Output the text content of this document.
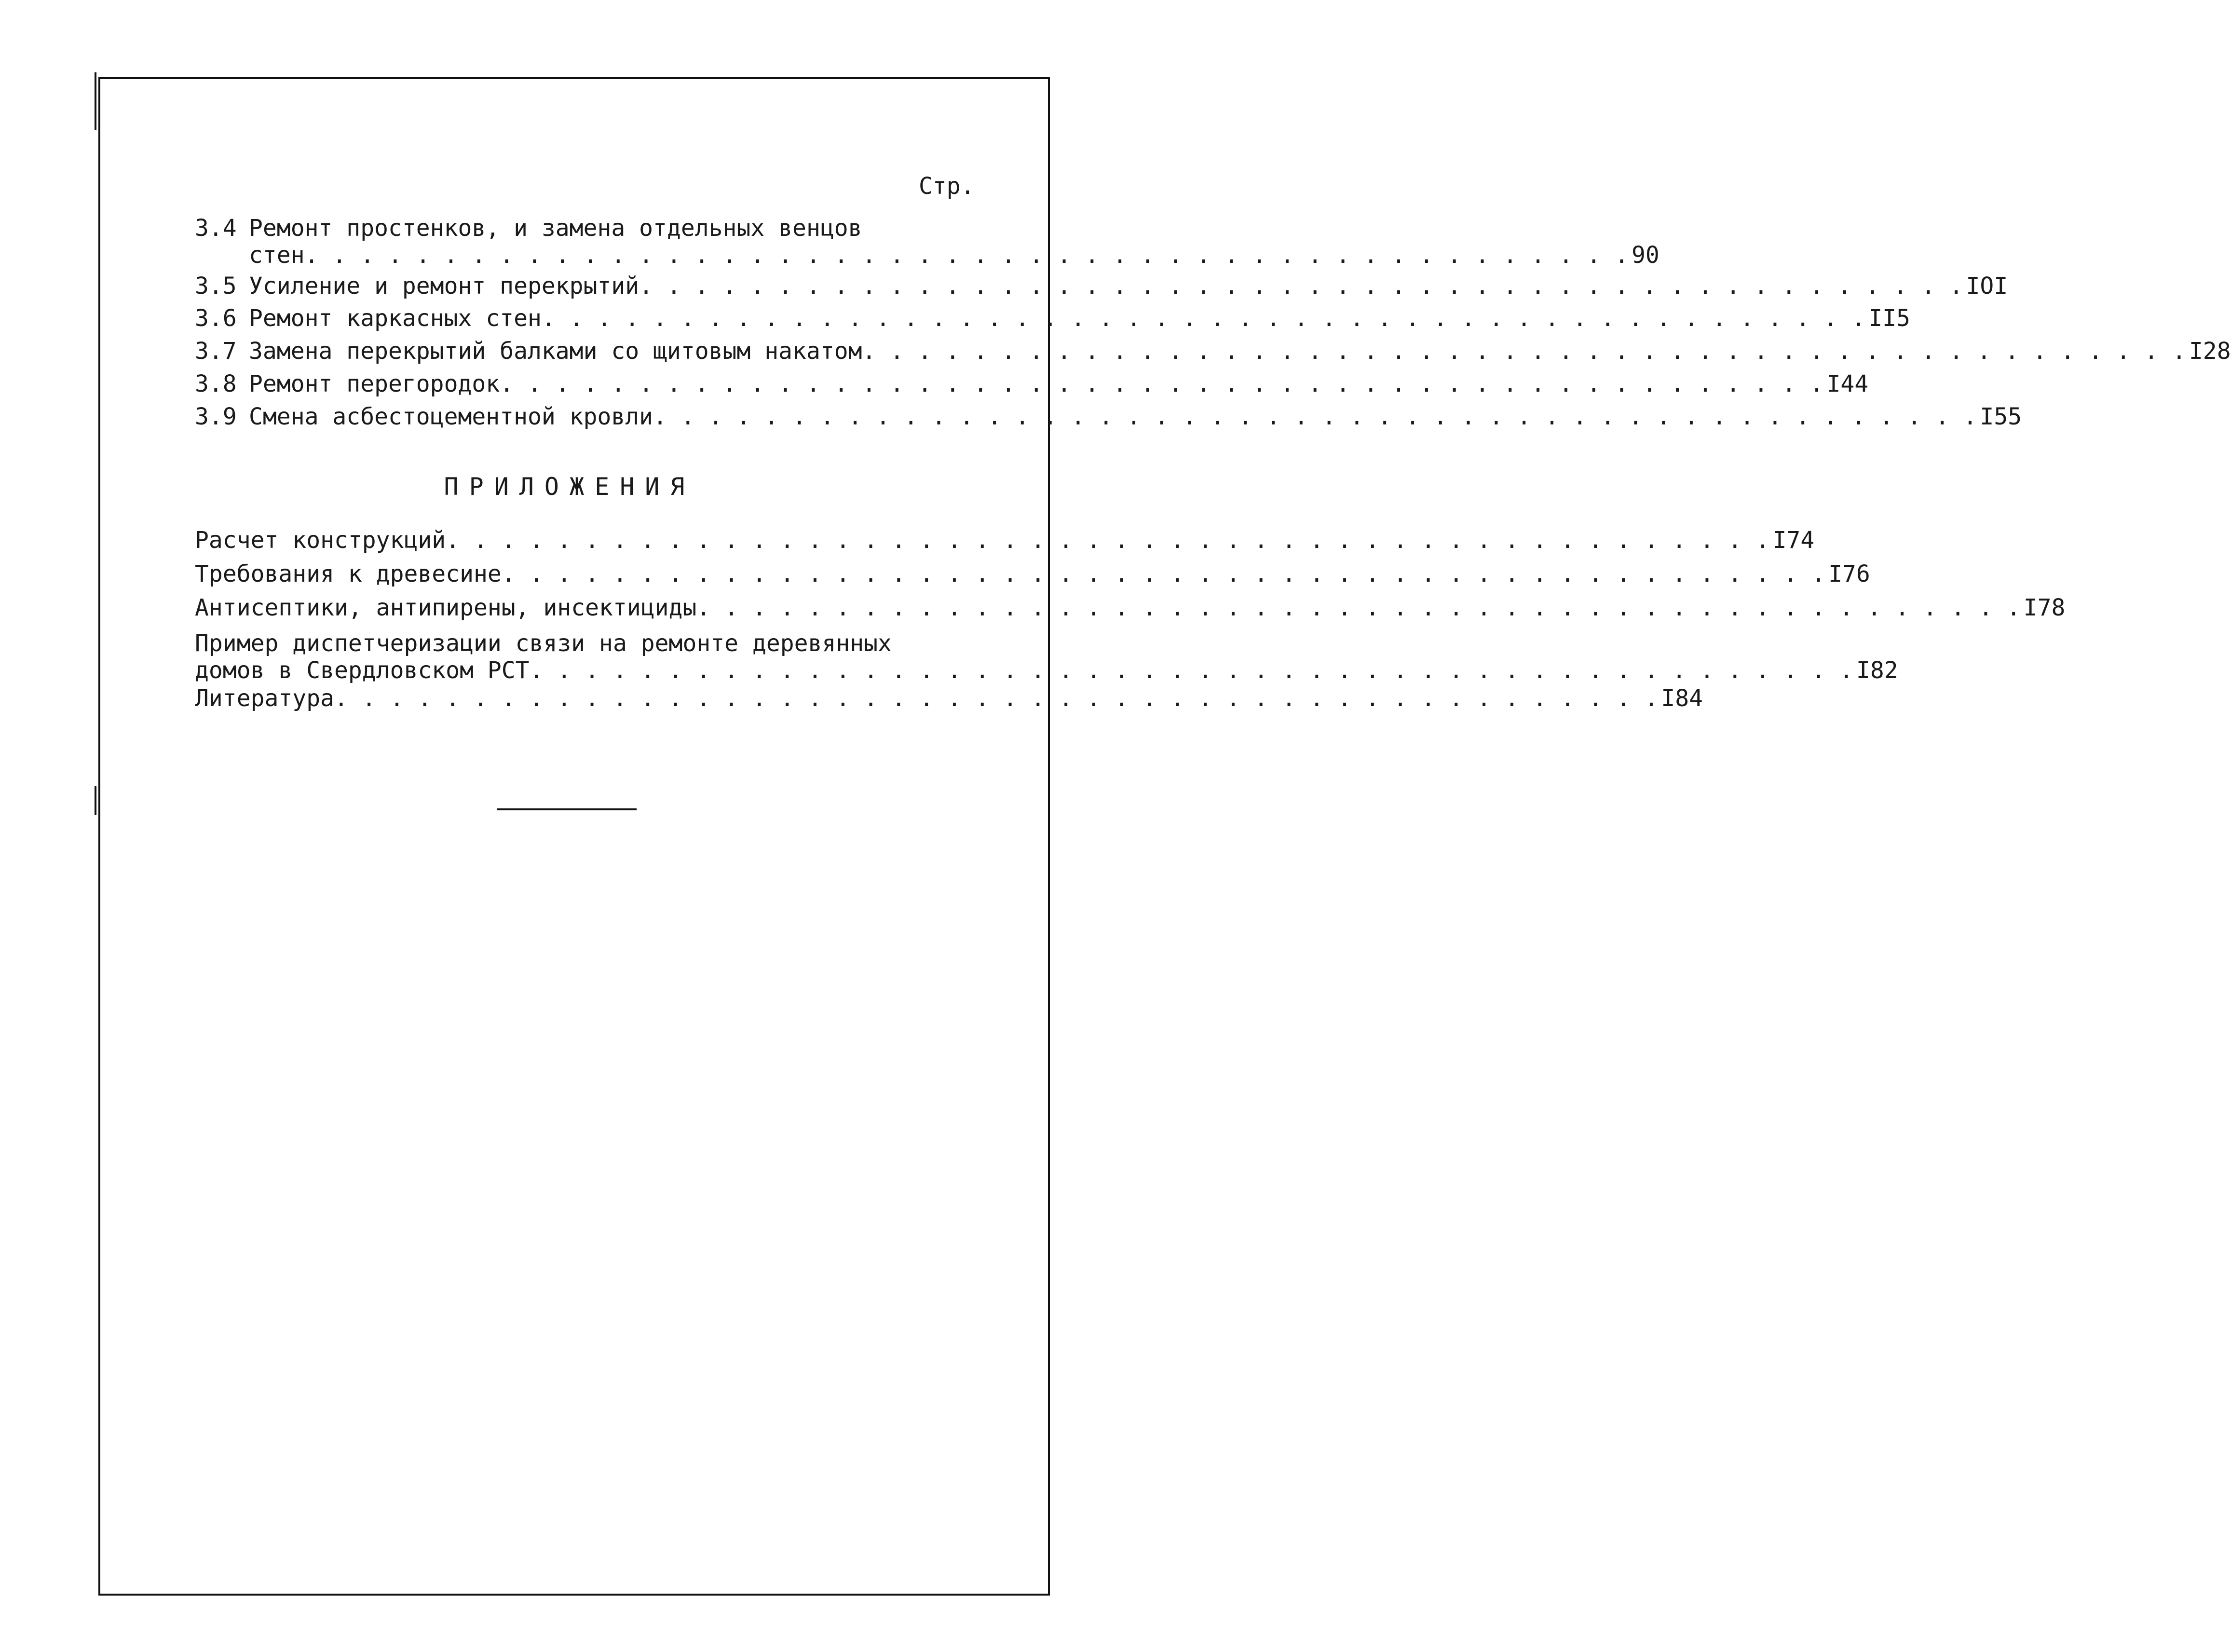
Стр.
3.4 Ремонт простенков, и замена отдельных венцов
стен . . . . . . . . . . . . . . . . . . . . . . . . . . . . . . . . . . . . . . . . . . . . . . . . 90
3.5 Усиление и ремонт перекрытий . . . . . . . . . . . . . . . . . . . . . . . . . . . . . . . . . . . . . . . . . . . . . . . . IOI
3.6 Ремонт каркасных стен . . . . . . . . . . . . . . . . . . . . . . . . . . . . . . . . . . . . . . . . . . . . . . . . II5
3.7 Замена перекрытий балками со щитовым накатом . . . . . . . . . . . . . . . . . . . . . . . . . . . . . . . . . . . . . . . . . . . . . . . . I28
3.8 Ремонт перегородок . . . . . . . . . . . . . . . . . . . . . . . . . . . . . . . . . . . . . . . . . . . . . . . . I44
3.9 Смена асбестоцементной кровли . . . . . . . . . . . . . . . . . . . . . . . . . . . . . . . . . . . . . . . . . . . . . . . . I55
ПРИЛОЖЕНИЯ
Расчет конструкций . . . . . . . . . . . . . . . . . . . . . . . . . . . . . . . . . . . . . . . . . . . . . . . . I74
Требования к древесине . . . . . . . . . . . . . . . . . . . . . . . . . . . . . . . . . . . . . . . . . . . . . . . . I76
Антисептики, антипирены, инсектициды . . . . . . . . . . . . . . . . . . . . . . . . . . . . . . . . . . . . . . . . . . . . . . . . I78
Пример диспетчеризации связи на ремонте деревянных
домов в Свердловском РСТ . . . . . . . . . . . . . . . . . . . . . . . . . . . . . . . . . . . . . . . . . . . . . . . . I82
Литература . . . . . . . . . . . . . . . . . . . . . . . . . . . . . . . . . . . . . . . . . . . . . . . . I84
